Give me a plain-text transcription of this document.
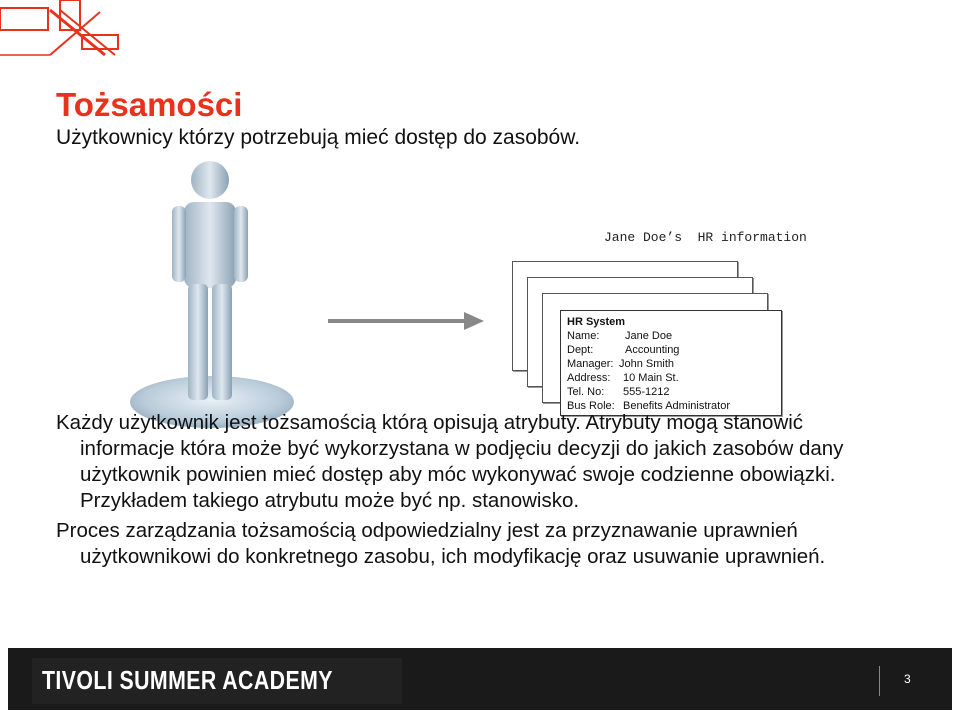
Tożsamości
Użytkownicy którzy potrzebują mieć dostęp do zasobów.
Jane Doe’s  HR information
HR System
Name: Jane Doe
Dept:	Accounting
Manager: John Smith
Address: 10 Main St.
Tel. No: 555-1212
Bus Role: Benefits Administrator

Każdy użytkownik jest tożsamością którą opisują atrybuty. Atrybuty mogą stanowić informacje która może być wykorzystana w podjęciu decyzji do jakich zasobów dany użytkownik powinien mieć dostęp aby móc wykonywać swoje codzienne obowiązki. Przykładem takiego atrybutu może być np. stanowisko.

Proces zarządzania tożsamością odpowiedzialny jest za przyznawanie uprawnień użytkownikowi do konkretnego zasobu, ich modyfikację oraz usuwanie uprawnień.

TIVOLI SUMMER ACADEMY	3
